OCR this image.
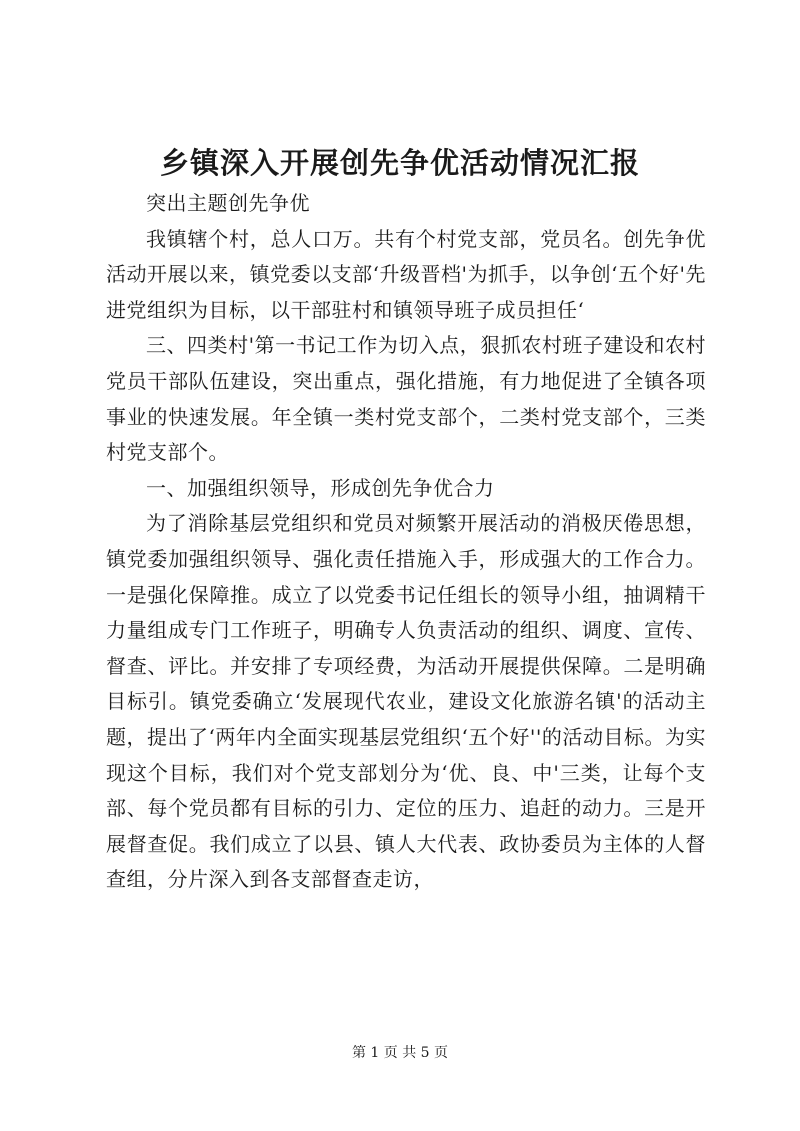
乡镇深入开展创先争优活动情况汇报

突出主题创先争优

我镇辖个村，总人口万。共有个村党支部，党员名。创先争优活动开展以来，镇党委以支部‘升级晋档'为抓手，以争创‘五个好'先进党组织为目标，以干部驻村和镇领导班子成员担任‘

三、四类村'第一书记工作为切入点，狠抓农村班子建设和农村党员干部队伍建设，突出重点，强化措施，有力地促进了全镇各项事业的快速发展。年全镇一类村党支部个，二类村党支部个，三类村党支部个。

一、加强组织领导，形成创先争优合力

为了消除基层党组织和党员对频繁开展活动的消极厌倦思想，镇党委加强组织领导、强化责任措施入手，形成强大的工作合力。一是强化保障推。成立了以党委书记任组长的领导小组，抽调精干力量组成专门工作班子，明确专人负责活动的组织、调度、宣传、督查、评比。并安排了专项经费，为活动开展提供保障。二是明确目标引。镇党委确立‘发展现代农业，建设文化旅游名镇'的活动主题，提出了‘两年内全面实现基层党组织‘五个好''的活动目标。为实现这个目标，我们对个党支部划分为‘优、良、中'三类，让每个支部、每个党员都有目标的引力、定位的压力、追赶的动力。三是开展督查促。我们成立了以县、镇人大代表、政协委员为主体的人督查组，分片深入到各支部督查走访，

第 1 页 共 5 页
